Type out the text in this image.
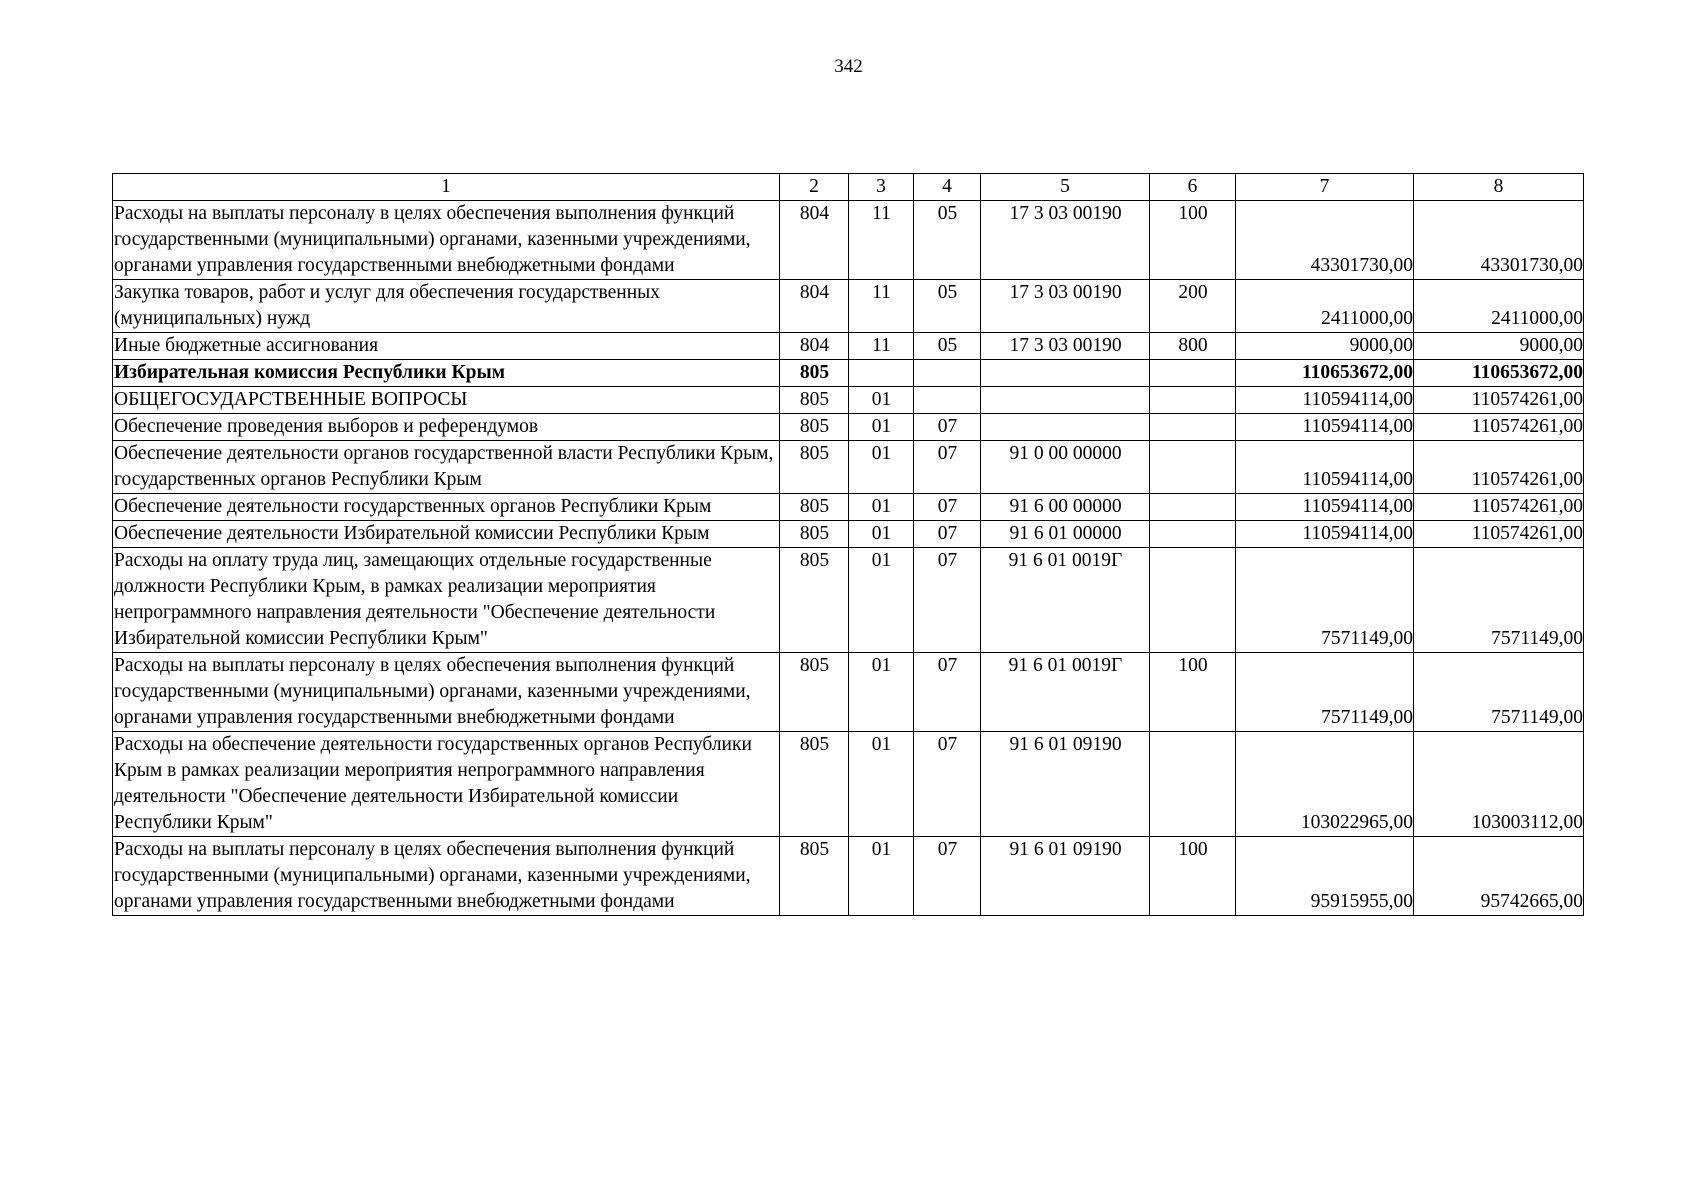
342
1	2	3	4	5	6	7	8
Расходы на выплаты персоналу в целях обеспечения выполнения функций государственными (муниципальными) органами, казенными учреждениями, органами управления государственными внебюджетными фондами	804	11	05	17 3 03 00190	100	43301730,00	43301730,00
Закупка товаров, работ и услуг для обеспечения государственных (муниципальных) нужд	804	11	05	17 3 03 00190	200	2411000,00	2411000,00
Иные бюджетные ассигнования	804	11	05	17 3 03 00190	800	9000,00	9000,00
Избирательная комиссия Республики Крым	805					110653672,00	110653672,00
ОБЩЕГОСУДАРСТВЕННЫЕ ВОПРОСЫ	805	01				110594114,00	110574261,00
Обеспечение проведения выборов и референдумов	805	01	07			110594114,00	110574261,00
Обеспечение деятельности органов государственной власти Республики Крым, государственных органов Республики Крым	805	01	07	91 0 00 00000		110594114,00	110574261,00
Обеспечение деятельности государственных органов Республики Крым	805	01	07	91 6 00 00000		110594114,00	110574261,00
Обеспечение деятельности Избирательной комиссии Республики Крым	805	01	07	91 6 01 00000		110594114,00	110574261,00
Расходы на оплату труда лиц, замещающих отдельные государственные должности Республики Крым, в рамках реализации мероприятия непрограммного направления деятельности "Обеспечение деятельности Избирательной комиссии Республики Крым"	805	01	07	91 6 01 0019Г		7571149,00	7571149,00
Расходы на выплаты персоналу в целях обеспечения выполнения функций государственными (муниципальными) органами, казенными учреждениями, органами управления государственными внебюджетными фондами	805	01	07	91 6 01 0019Г	100	7571149,00	7571149,00
Расходы на обеспечение деятельности государственных органов Республики Крым в рамках реализации мероприятия непрограммного направления деятельности "Обеспечение деятельности Избирательной комиссии Республики Крым"	805	01	07	91 6 01 09190		103022965,00	103003112,00
Расходы на выплаты персоналу в целях обеспечения выполнения функций государственными (муниципальными) органами, казенными учреждениями, органами управления государственными внебюджетными фондами	805	01	07	91 6 01 09190	100	95915955,00	95742665,00
